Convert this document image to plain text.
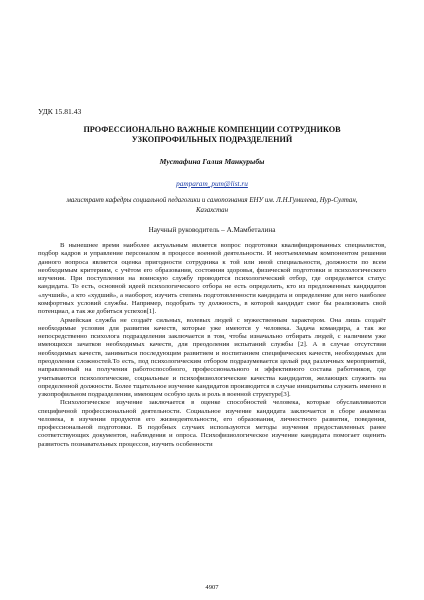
УДК 15.81.43
ПРОФЕССИОНАЛЬНО ВАЖНЫЕ КОМПЕНЦИИ СОТРУДНИКОВ УЗКОПРОФИЛЬНЫХ ПОДРАЗДЕЛЕНИЙ
Мустафина Галия Манкурыбы
pamparam_pum@list.ru
магистрант кафедры социальной педагогики и самопознания ЕНУ им. Л.Н.Гумилева, Нур-Султан, Казахстан
Научный руководитель – А.Мамбеталина

В нынешнее время наиболее актуальным является вопрос подготовки квалифицированных специалистов, подбор кадров и управление персоналом в процессе военной деятельности. И неотъемлемым компонентом решения данного вопроса является оценка пригодности сотрудника к той или иной специальности, должности по всем необходимым критериям, с учётом его образования, состояния здоровья, физической подготовки и психологического изучения. При поступлении на воинскую службу проводится психологический отбор, где определяется статус кандидата. То есть, основной идеей психологического отбора не есть определить, кто из предложенных кандидатов «лучший», а кто «худший», а наоборот, изучить степень подготовленности кандидата и определение для него наиболее комфортных условий службы. Например, подобрать ту должность, в которой кандидат смог бы реализовать свой потенциал, а так же добиться успехов[1].

Армейская служба не создаёт сильных, волевых людей с мужественным характером. Она лишь создаёт необходимые условия для развития качеств, которые уже имеются у человека. Задача командира, а так же непосредственно психолога подразделения заключается в том, чтобы изначально отбирать людей, с наличием уже имеющихся зачатков необходимых качеств, для преодоления испытаний службы [2]. А в случае отсутствия необходимых качеств, заниматься последующим развитием и воспитанием специфических качеств, необходимых для преодоления сложностей.То есть, под психологическим отбором подразумевается целый ряд различных мероприятий, направленный на получения работоспособного, профессионального и эффективного состава работников, где учитываются психологические, социальные и психофизиологические качества кандидатов, желающих служить на определенной должности. Более тщательное изучение кандидатов производится в случае инициативы служить именно в узкопрофильном подразделении, имеющем особую цель и роль в военной структуре[3].

Психологическое изучение заключается в оценке способностей человека, которые обуславливаются специфичной профессиональной деятельности. Социальное изучение кандидата заключается в сборе анамнеза человека, в изучении продуктов его жизнедеятельности, его образования, личностного развития, поведения, профессиональной подготовки. В подобных случаях используются методы изучения предоставленных ранее соответствующих документов, наблюдения и опроса. Психофизиологическое изучение кандидата помогает оценить развитость познавательных процессов, изучить особенности

4907
